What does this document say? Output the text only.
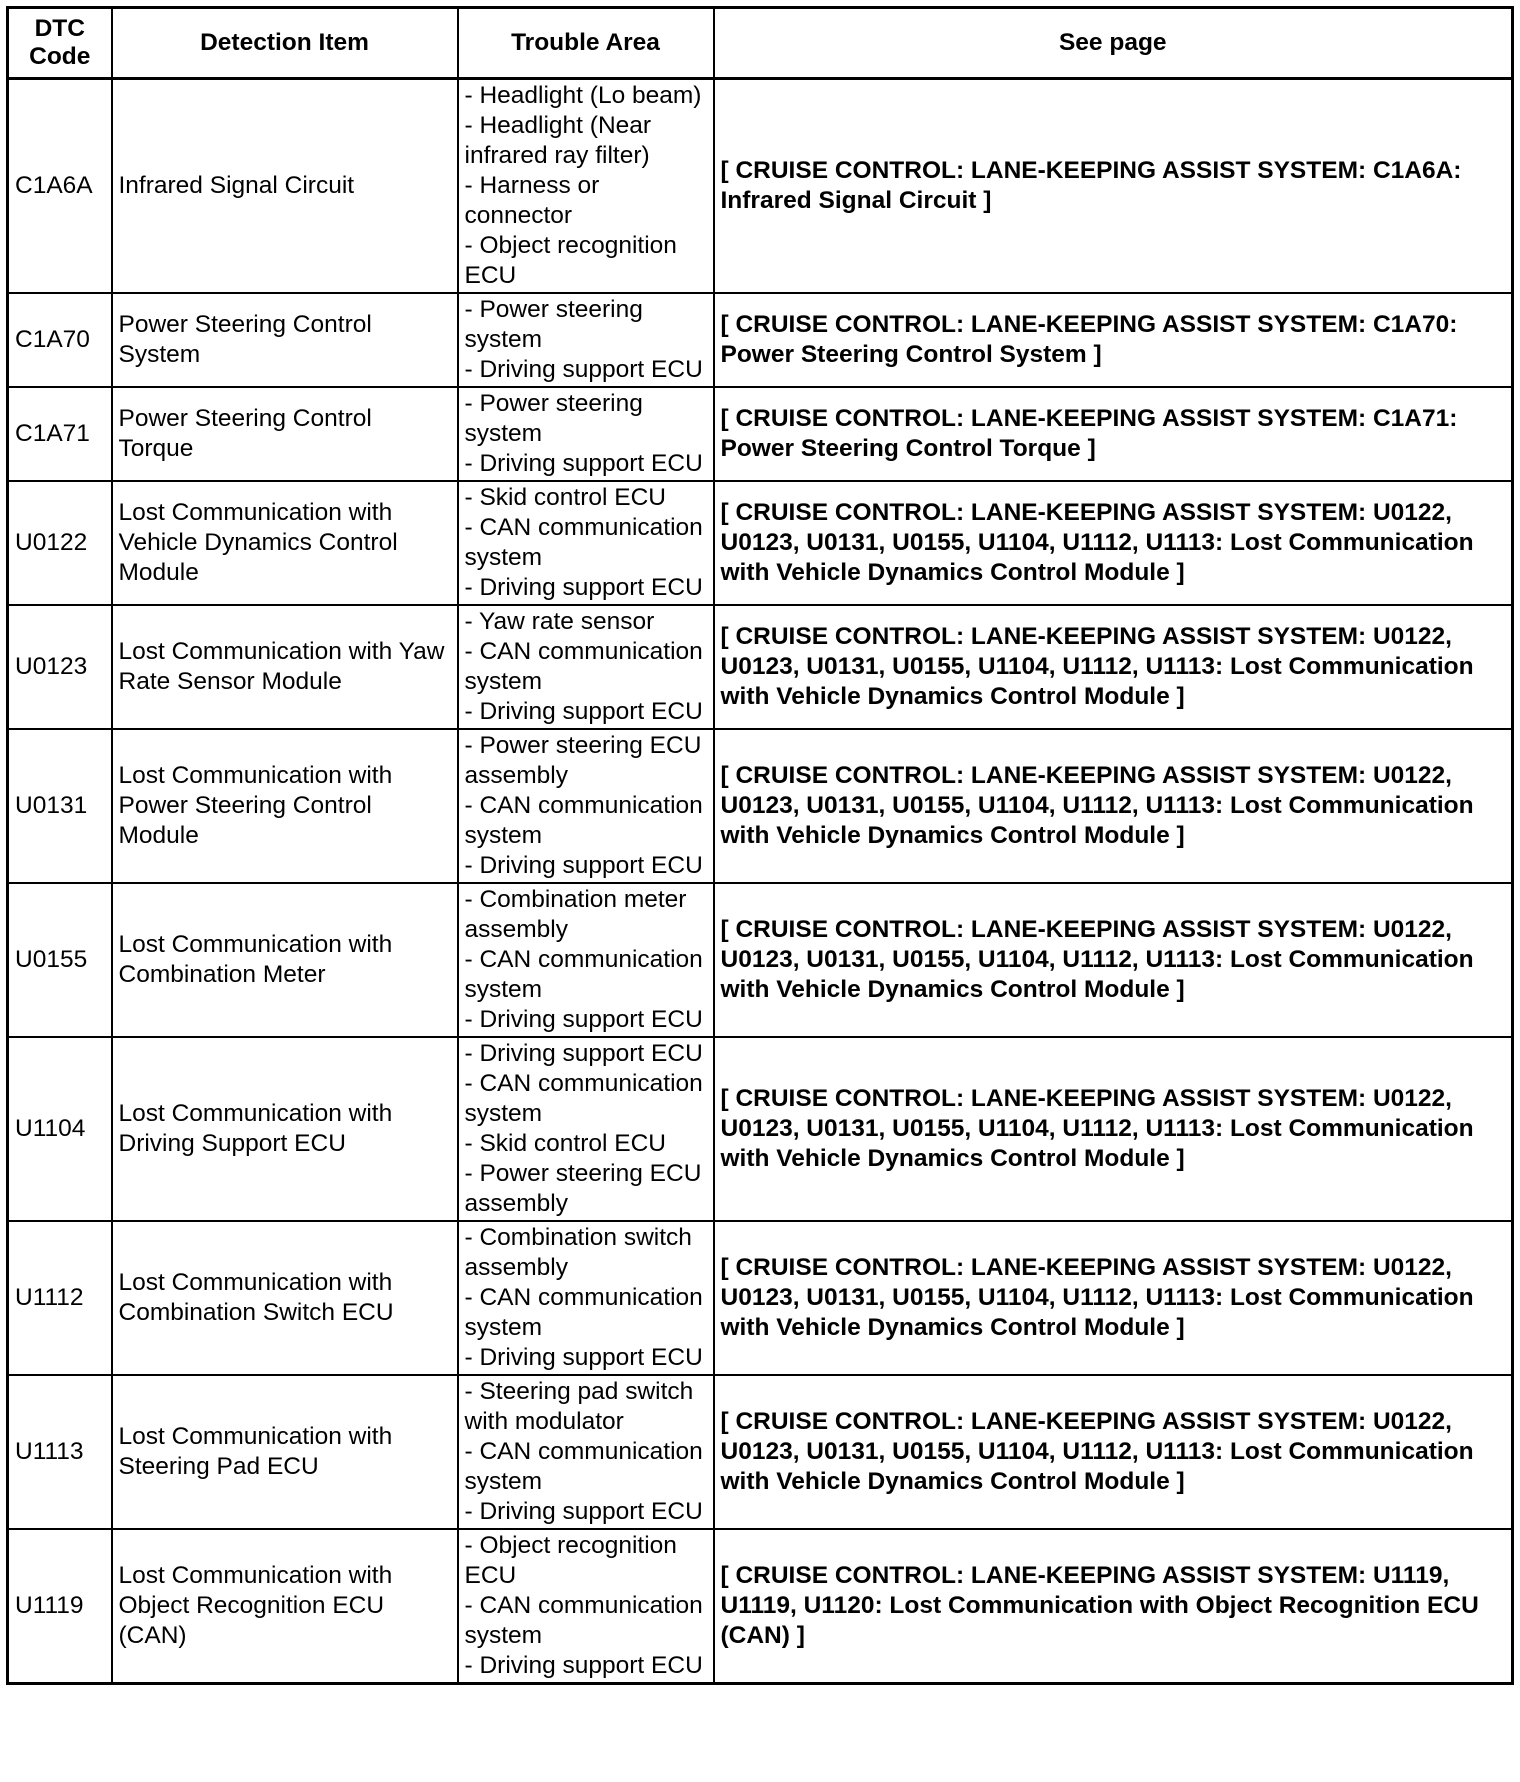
DTC Code	Detection Item	Trouble Area	See page
C1A6A	Infrared Signal Circuit	- Headlight (Lo beam)
- Headlight (Near infrared ray filter)
- Harness or connector
- Object recognition ECU	[ CRUISE CONTROL: LANE-KEEPING ASSIST SYSTEM: C1A6A: Infrared Signal Circuit ]
C1A70	Power Steering Control System	- Power steering system
- Driving support ECU	[ CRUISE CONTROL: LANE-KEEPING ASSIST SYSTEM: C1A70: Power Steering Control System ]
C1A71	Power Steering Control Torque	- Power steering system
- Driving support ECU	[ CRUISE CONTROL: LANE-KEEPING ASSIST SYSTEM: C1A71: Power Steering Control Torque ]
U0122	Lost Communication with Vehicle Dynamics Control Module	- Skid control ECU
- CAN communication system
- Driving support ECU	[ CRUISE CONTROL: LANE-KEEPING ASSIST SYSTEM: U0122, U0123, U0131, U0155, U1104, U1112, U1113: Lost Communication with Vehicle Dynamics Control Module ]
U0123	Lost Communication with Yaw Rate Sensor Module	- Yaw rate sensor
- CAN communication system
- Driving support ECU	[ CRUISE CONTROL: LANE-KEEPING ASSIST SYSTEM: U0122, U0123, U0131, U0155, U1104, U1112, U1113: Lost Communication with Vehicle Dynamics Control Module ]
U0131	Lost Communication with Power Steering Control Module	- Power steering ECU assembly
- CAN communication system
- Driving support ECU	[ CRUISE CONTROL: LANE-KEEPING ASSIST SYSTEM: U0122, U0123, U0131, U0155, U1104, U1112, U1113: Lost Communication with Vehicle Dynamics Control Module ]
U0155	Lost Communication with Combination Meter	- Combination meter assembly
- CAN communication system
- Driving support ECU	[ CRUISE CONTROL: LANE-KEEPING ASSIST SYSTEM: U0122, U0123, U0131, U0155, U1104, U1112, U1113: Lost Communication with Vehicle Dynamics Control Module ]
U1104	Lost Communication with Driving Support ECU	- Driving support ECU
- CAN communication system
- Skid control ECU
- Power steering ECU assembly	[ CRUISE CONTROL: LANE-KEEPING ASSIST SYSTEM: U0122, U0123, U0131, U0155, U1104, U1112, U1113: Lost Communication with Vehicle Dynamics Control Module ]
U1112	Lost Communication with Combination Switch ECU	- Combination switch assembly
- CAN communication system
- Driving support ECU	[ CRUISE CONTROL: LANE-KEEPING ASSIST SYSTEM: U0122, U0123, U0131, U0155, U1104, U1112, U1113: Lost Communication with Vehicle Dynamics Control Module ]
U1113	Lost Communication with Steering Pad ECU	- Steering pad switch with modulator
- CAN communication system
- Driving support ECU	[ CRUISE CONTROL: LANE-KEEPING ASSIST SYSTEM: U0122, U0123, U0131, U0155, U1104, U1112, U1113: Lost Communication with Vehicle Dynamics Control Module ]
U1119	Lost Communication with Object Recognition ECU (CAN)	- Object recognition ECU
- CAN communication system
- Driving support ECU	[ CRUISE CONTROL: LANE-KEEPING ASSIST SYSTEM: U1119, U1119, U1120: Lost Communication with Object Recognition ECU (CAN) ]
